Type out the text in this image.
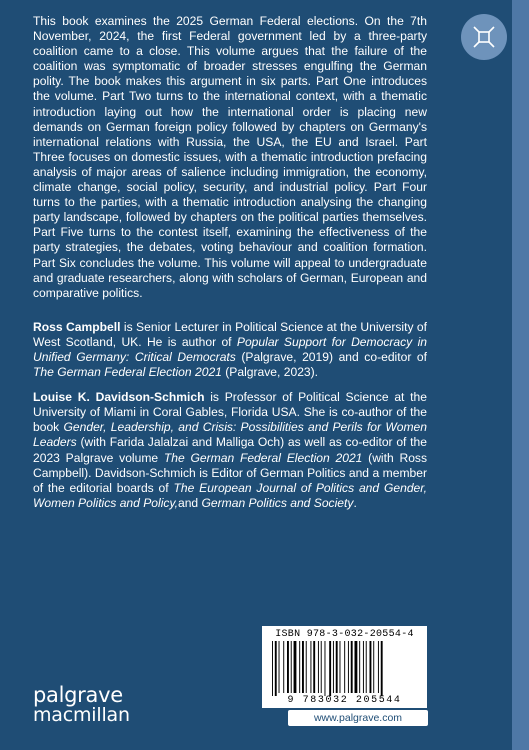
This book examines the 2025 German Federal elections. On the 7th November, 2024, the first Federal government led by a three-party coalition came to a close. This volume argues that the failure of the coalition was symptomatic of broader stresses engulfing the German polity. The book makes this argument in six parts. Part One introduces the volume. Part Two turns to the international context, with a thematic introduction laying out how the international order is placing new demands on German foreign policy followed by chapters on Germany's international relations with Russia, the USA, the EU and Israel. Part Three focuses on domestic issues, with a thematic introduction prefacing analysis of major areas of salience including immigration, the economy, climate change, social policy, security, and industrial policy. Part Four turns to the parties, with a thematic introduction analysing the changing party landscape, followed by chapters on the political parties themselves. Part Five turns to the contest itself, examining the effectiveness of the party strategies, the debates, voting behaviour and coalition formation. Part Six concludes the volume. This volume will appeal to undergraduate and graduate researchers, along with scholars of German, European and comparative politics.

Ross Campbell is Senior Lecturer in Political Science at the University of West Scotland, UK. He is author of Popular Support for Democracy in Unified Germany: Critical Democrats (Palgrave, 2019) and co-editor of The German Federal Election 2021 (Palgrave, 2023).

Louise K. Davidson-Schmich is Professor of Political Science at the University of Miami in Coral Gables, Florida USA. She is co-author of the book Gender, Leadership, and Crisis: Possibilities and Perils for Women Leaders (with Farida Jalalzai and Malliga Och) as well as co-editor of the 2023 Palgrave volume The German Federal Election 2021 (with Ross Campbell). Davidson-Schmich is Editor of German Politics and a member of the editorial boards of The European Journal of Politics and Gender, Women Politics and Policy,and German Politics and Society.

ISBN 978-3-032-20554-4
9 783032 205544
www.palgrave.com
palgrave
macmillan
